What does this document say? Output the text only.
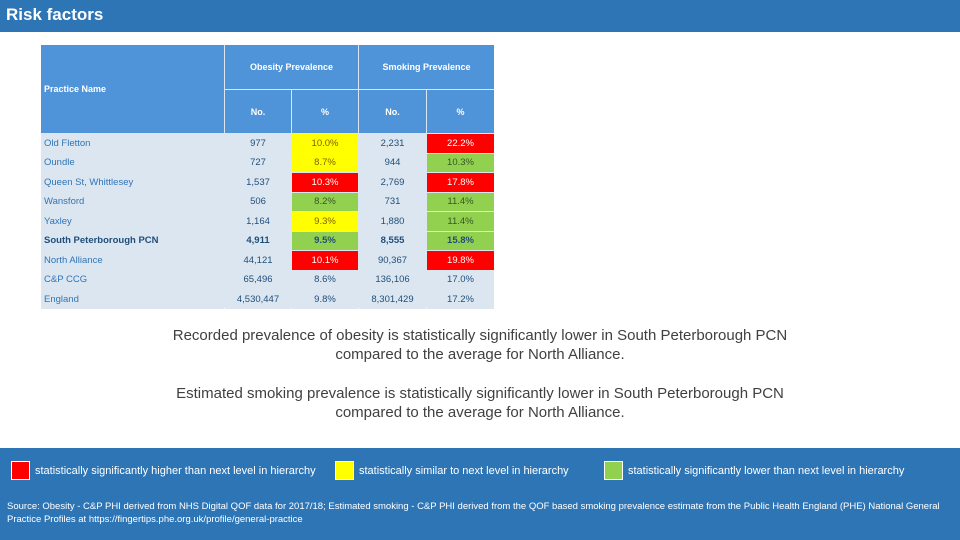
Risk factors
Practice Name	Obesity Prevalence		Smoking Prevalence	
	No.	%	No.	%
Old Fletton	977	10.0%	2,231	22.2%
Oundle	727	8.7%	944	10.3%
Queen St, Whittlesey	1,537	10.3%	2,769	17.8%
Wansford	506	8.2%	731	11.4%
Yaxley	1,164	9.3%	1,880	11.4%
South Peterborough PCN	4,911	9.5%	8,555	15.8%
North Alliance	44,121	10.1%	90,367	19.8%
C&P CCG	65,496	8.6%	136,106	17.0%
England	4,530,447	9.8%	8,301,429	17.2%

Recorded prevalence of obesity is statistically significantly lower in South Peterborough PCN
compared to the average for North Alliance.

Estimated smoking prevalence is statistically significantly lower in South Peterborough PCN
compared to the average for North Alliance.

statistically significantly higher than next level in hierarchy	statistically similar to next level in hierarchy	statistically significantly lower than next level in hierarchy
Source: Obesity - C&P PHI derived from NHS Digital QOF data for 2017/18; Estimated smoking - C&P PHI derived from the QOF based smoking prevalence estimate from the Public Health England (PHE) National General Practice Profiles at https://fingertips.phe.org.uk/profile/general-practice
